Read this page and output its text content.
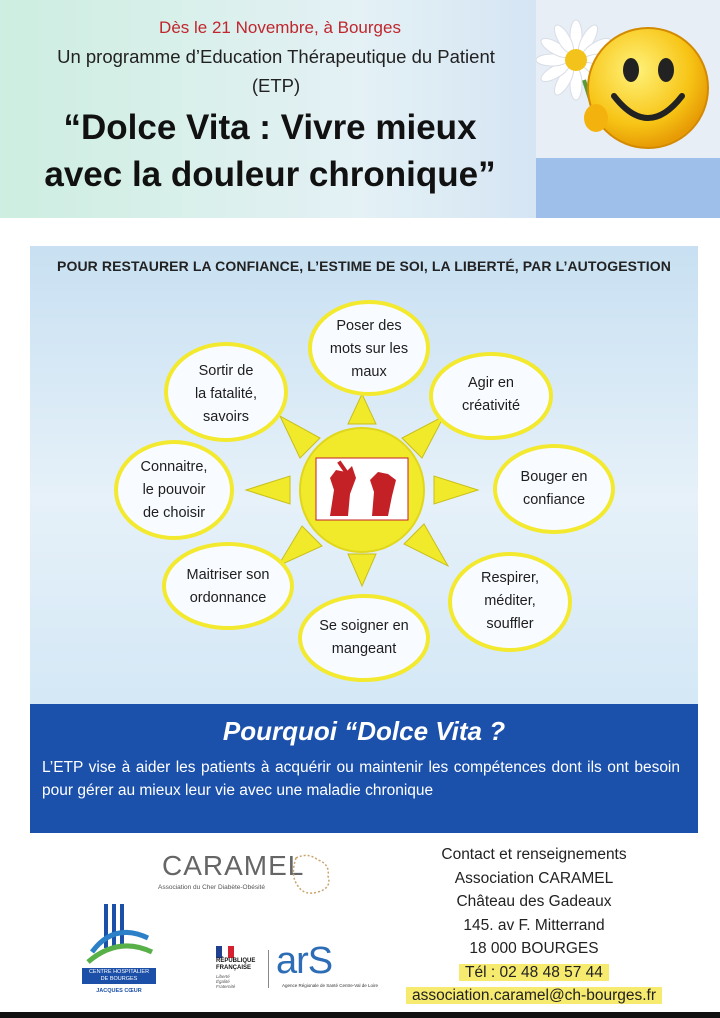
Dès le 21 Novembre, à Bourges
Un programme d’Education Thérapeutique du Patient
(ETP)
“Dolce Vita : Vivre mieux
avec la douleur chronique”
POUR RESTAURER LA CONFIANCE, L’ESTIME DE SOI, LA LIBERTÉ, PAR L’AUTOGESTION
Poser des
mots sur les
maux
Agir en
créativité
Bouger en
confiance
Respirer,
méditer,
souffler
Se soigner en
mangeant
Maitriser son
ordonnance
Connaitre,
le pouvoir
de choisir
Sortir de
la fatalité,
savoirs
Pourquoi “Dolce Vita ?
L’ETP vise à aider les patients à acquérir ou maintenir les compétences dont ils ont besoin pour gérer au mieux leur vie avec une maladie chronique
CARAMEL
Association du Cher Diabète-Obésité
CENTRE HOSPITALIER
DE BOURGES
JACQUES CŒUR
RÉPUBLIQUE
FRANÇAISE
Liberté
Égalité
Fraternité
arS
Agence Régionale de Santé Centre-Val de Loire
Contact et renseignements
Association CARAMEL
Château des Gadeaux
145. av F. Mitterrand
18 000 BOURGES
Tél : 02 48 48 57 44
association.caramel@ch-bourges.fr
